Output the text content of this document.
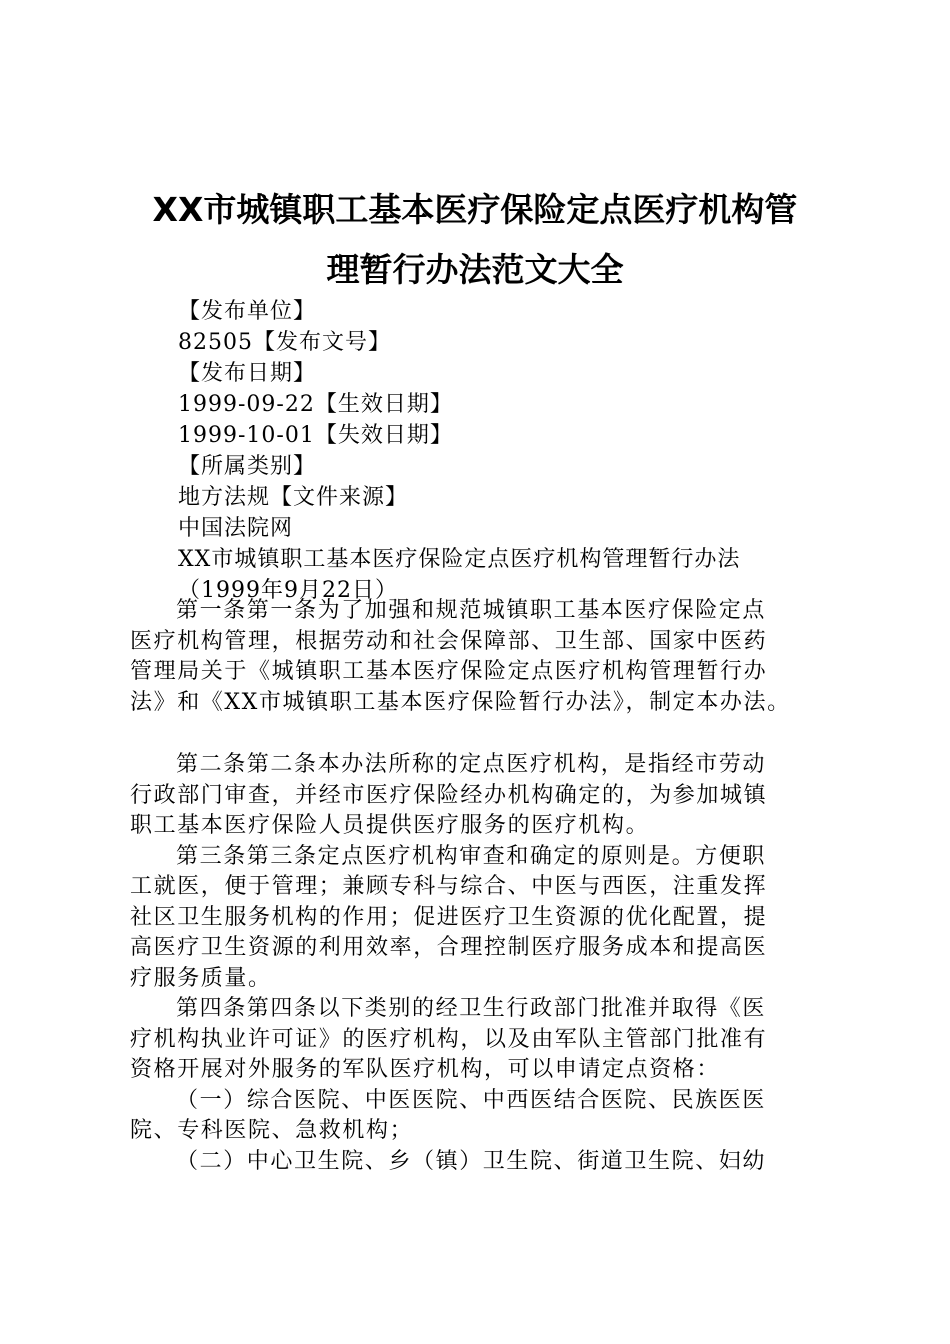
XX市城镇职工基本医疗保险定点医疗机构管
理暂行办法范文大全
【发布单位】
82505【发布文号】
【发布日期】
1999-09-22【生效日期】
1999-10-01【失效日期】
【所属类别】
地方法规【文件来源】
中国法院网
XX市城镇职工基本医疗保险定点医疗机构管理暂行办法
（1999年9月22日）
第一条第一条为了加强和规范城镇职工基本医疗保险定点
医疗机构管理，根据劳动和社会保障部、卫生部、国家中医药
管理局关于《城镇职工基本医疗保险定点医疗机构管理暂行办
法》和《XX市城镇职工基本医疗保险暂行办法》，制定本办法。
第二条第二条本办法所称的定点医疗机构，是指经市劳动
行政部门审查，并经市医疗保险经办机构确定的，为参加城镇
职工基本医疗保险人员提供医疗服务的医疗机构。
第三条第三条定点医疗机构审查和确定的原则是。方便职
工就医，便于管理；兼顾专科与综合、中医与西医，注重发挥
社区卫生服务机构的作用；促进医疗卫生资源的优化配置，提
高医疗卫生资源的利用效率，合理控制医疗服务成本和提高医
疗服务质量。
第四条第四条以下类别的经卫生行政部门批准并取得《医
疗机构执业许可证》的医疗机构，以及由军队主管部门批准有
资格开展对外服务的军队医疗机构，可以申请定点资格：
（一）综合医院、中医医院、中西医结合医院、民族医医
院、专科医院、急救机构；
（二）中心卫生院、乡（镇）卫生院、街道卫生院、妇幼
